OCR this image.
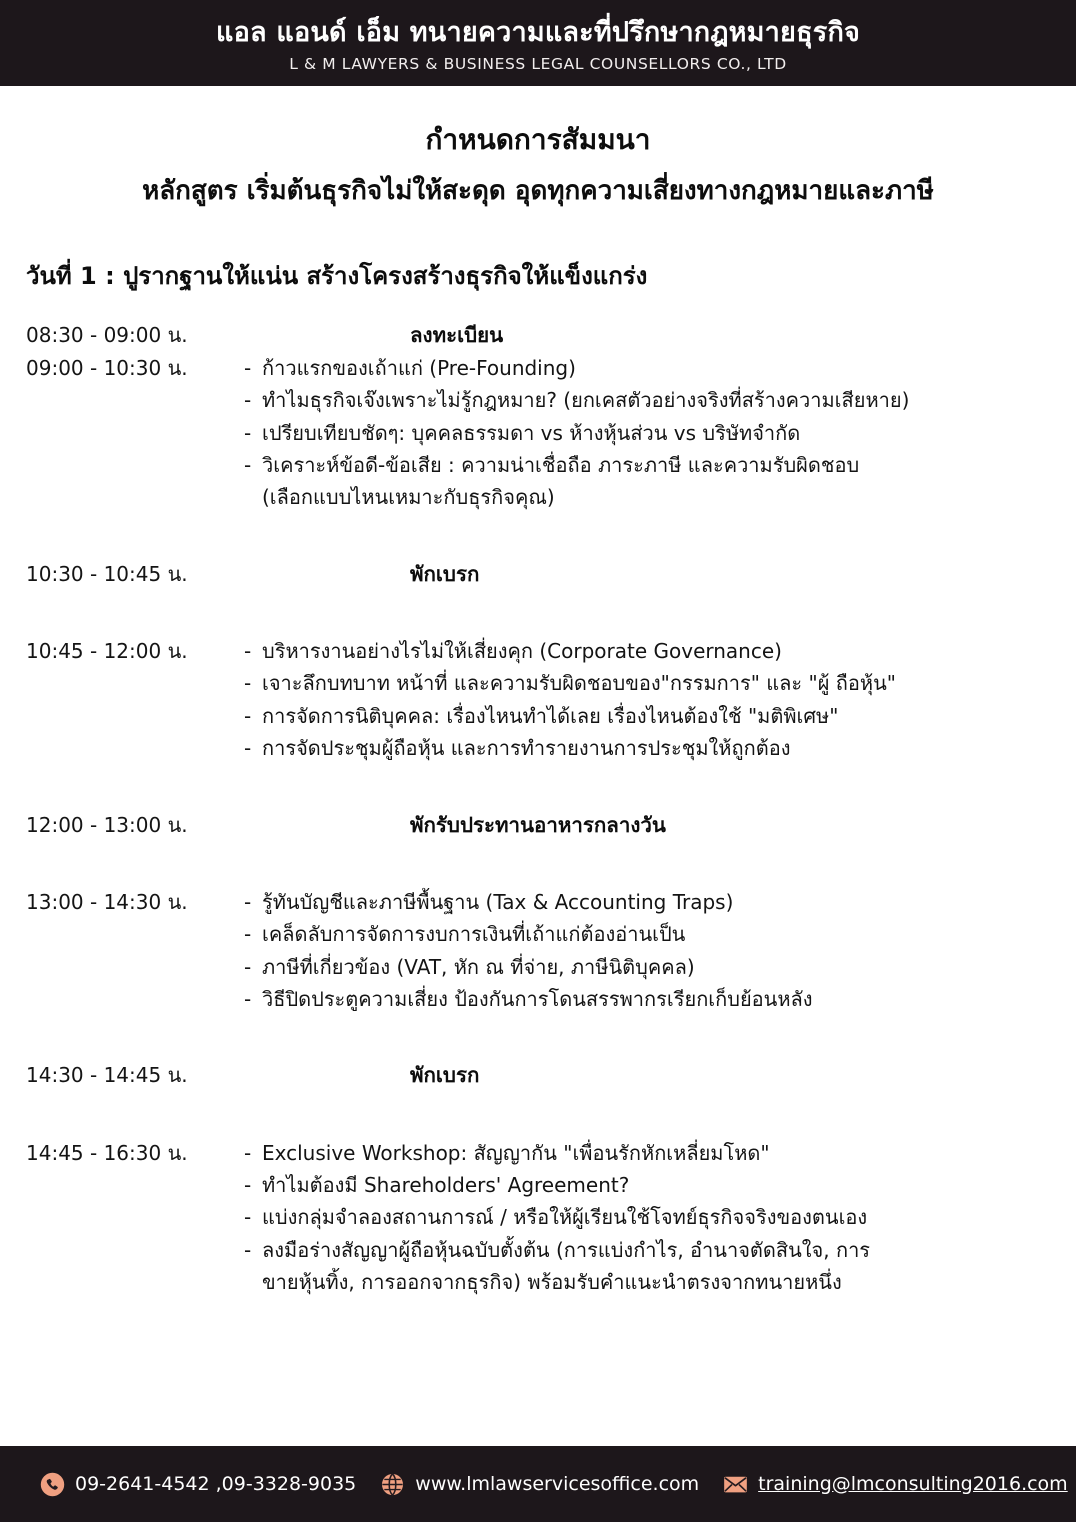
แอล แอนด์ เอ็ม ทนายความและที่ปรึกษากฎหมายธุรกิจ
L & M LAWYERS & BUSINESS LEGAL COUNSELLORS CO., LTD
กำหนดการสัมมนา
หลักสูตร เริ่มต้นธุรกิจไม่ให้สะดุด อุดทุกความเสี่ยงทางกฎหมายและภาษี
วันที่ 1 : ปูรากฐานให้แน่น สร้างโครงสร้างธุรกิจให้แข็งแกร่ง
08:30 - 09:00 น.	ลงทะเบียน
09:00 - 10:30 น.	- ก้าวแรกของเถ้าแก่ (Pre-Founding)
- ทำไมธุรกิจเจ๊งเพราะไม่รู้กฎหมาย? (ยกเคสตัวอย่างจริงที่สร้างความเสียหาย)
- เปรียบเทียบชัดๆ: บุคคลธรรมดา vs ห้างหุ้นส่วน vs บริษัทจำกัด
- วิเคราะห์ข้อดี-ข้อเสีย : ความน่าเชื่อถือ ภาระภาษี และความรับผิดชอบ
(เลือกแบบไหนเหมาะกับธุรกิจคุณ)
10:30 - 10:45 น.	พักเบรก
10:45 - 12:00 น.	- บริหารงานอย่างไรไม่ให้เสี่ยงคุก (Corporate Governance)
- เจาะลึกบทบาท หน้าที่ และความรับผิดชอบของ"กรรมการ" และ "ผู้ ถือหุ้น"
- การจัดการนิติบุคคล: เรื่องไหนทำได้เลย เรื่องไหนต้องใช้ "มติพิเศษ"
- การจัดประชุมผู้ถือหุ้น และการทำรายงานการประชุมให้ถูกต้อง
12:00 - 13:00 น.	พักรับประทานอาหารกลางวัน
13:00 - 14:30 น.	- รู้ทันบัญชีและภาษีพื้นฐาน (Tax & Accounting Traps)
- เคล็ดลับการจัดการงบการเงินที่เถ้าแก่ต้องอ่านเป็น
- ภาษีที่เกี่ยวข้อง (VAT, หัก ณ ที่จ่าย, ภาษีนิติบุคคล)
- วิธีปิดประตูความเสี่ยง ป้องกันการโดนสรรพากรเรียกเก็บย้อนหลัง
14:30 - 14:45 น.	พักเบรก
14:45 - 16:30 น.	- Exclusive Workshop: สัญญากัน "เพื่อนรักหักเหลี่ยมโหด"
- ทำไมต้องมี Shareholders' Agreement?
- แบ่งกลุ่มจำลองสถานการณ์ / หรือให้ผู้เรียนใช้โจทย์ธุรกิจจริงของตนเอง
- ลงมือร่างสัญญาผู้ถือหุ้นฉบับตั้งต้น (การแบ่งกำไร, อำนาจตัดสินใจ, การ
ขายหุ้นทิ้ง, การออกจากธุรกิจ) พร้อมรับคำแนะนำตรงจากทนายหนึ่ง
09-2641-4542 ,09-3328-9035	www.lmlawservicesoffice.com	training@lmconsulting2016.com
